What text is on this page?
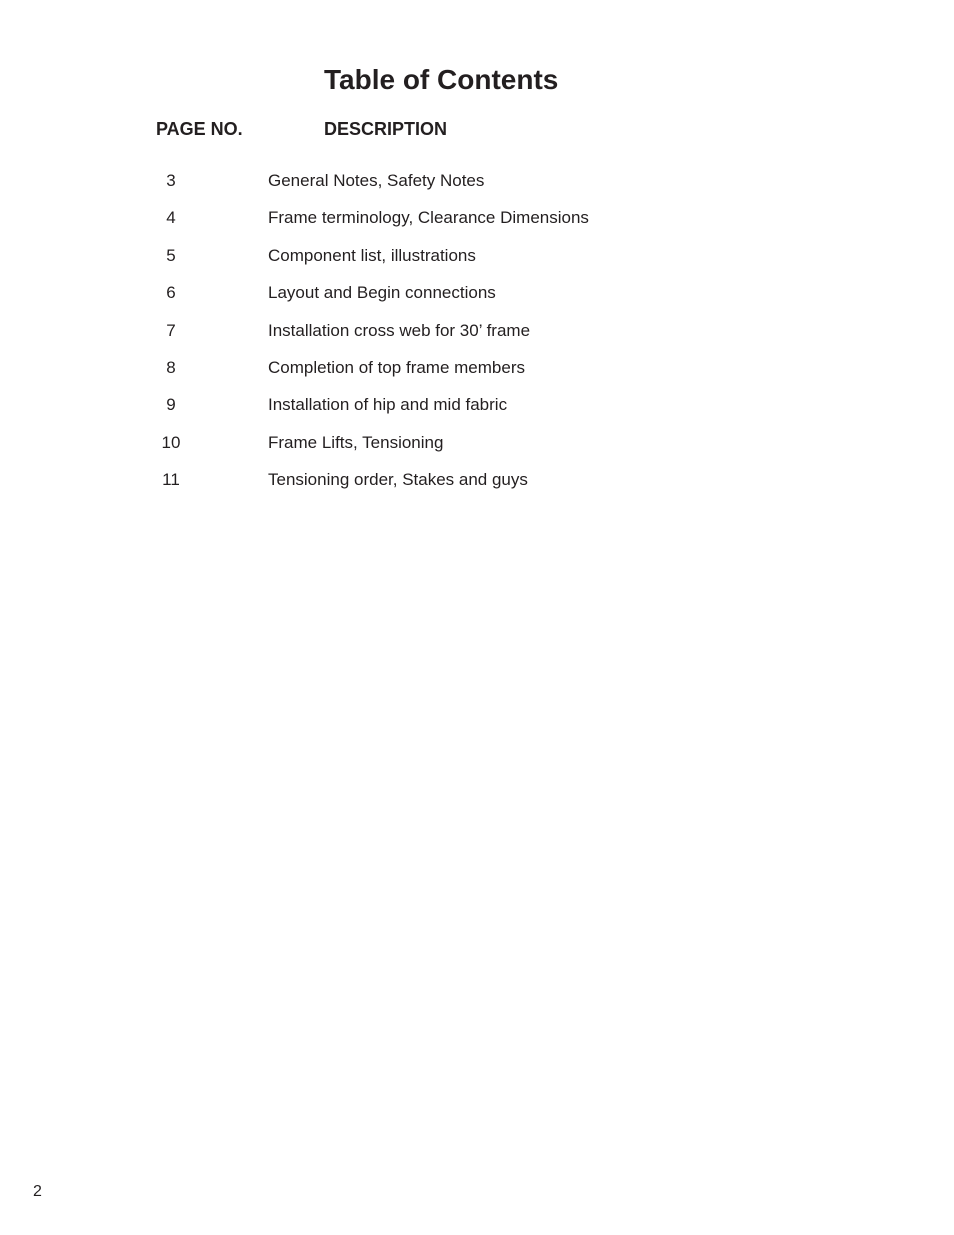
Table of Contents
PAGE NO.	DESCRIPTION
3	General Notes, Safety Notes
4	Frame terminology, Clearance Dimensions
5	Component list, illustrations
6	Layout and Begin connections
7	Installation cross web for 30’ frame
8	Completion of top frame members
9	Installation of hip and mid fabric
10	Frame Lifts, Tensioning
11	Tensioning order, Stakes and guys
2
